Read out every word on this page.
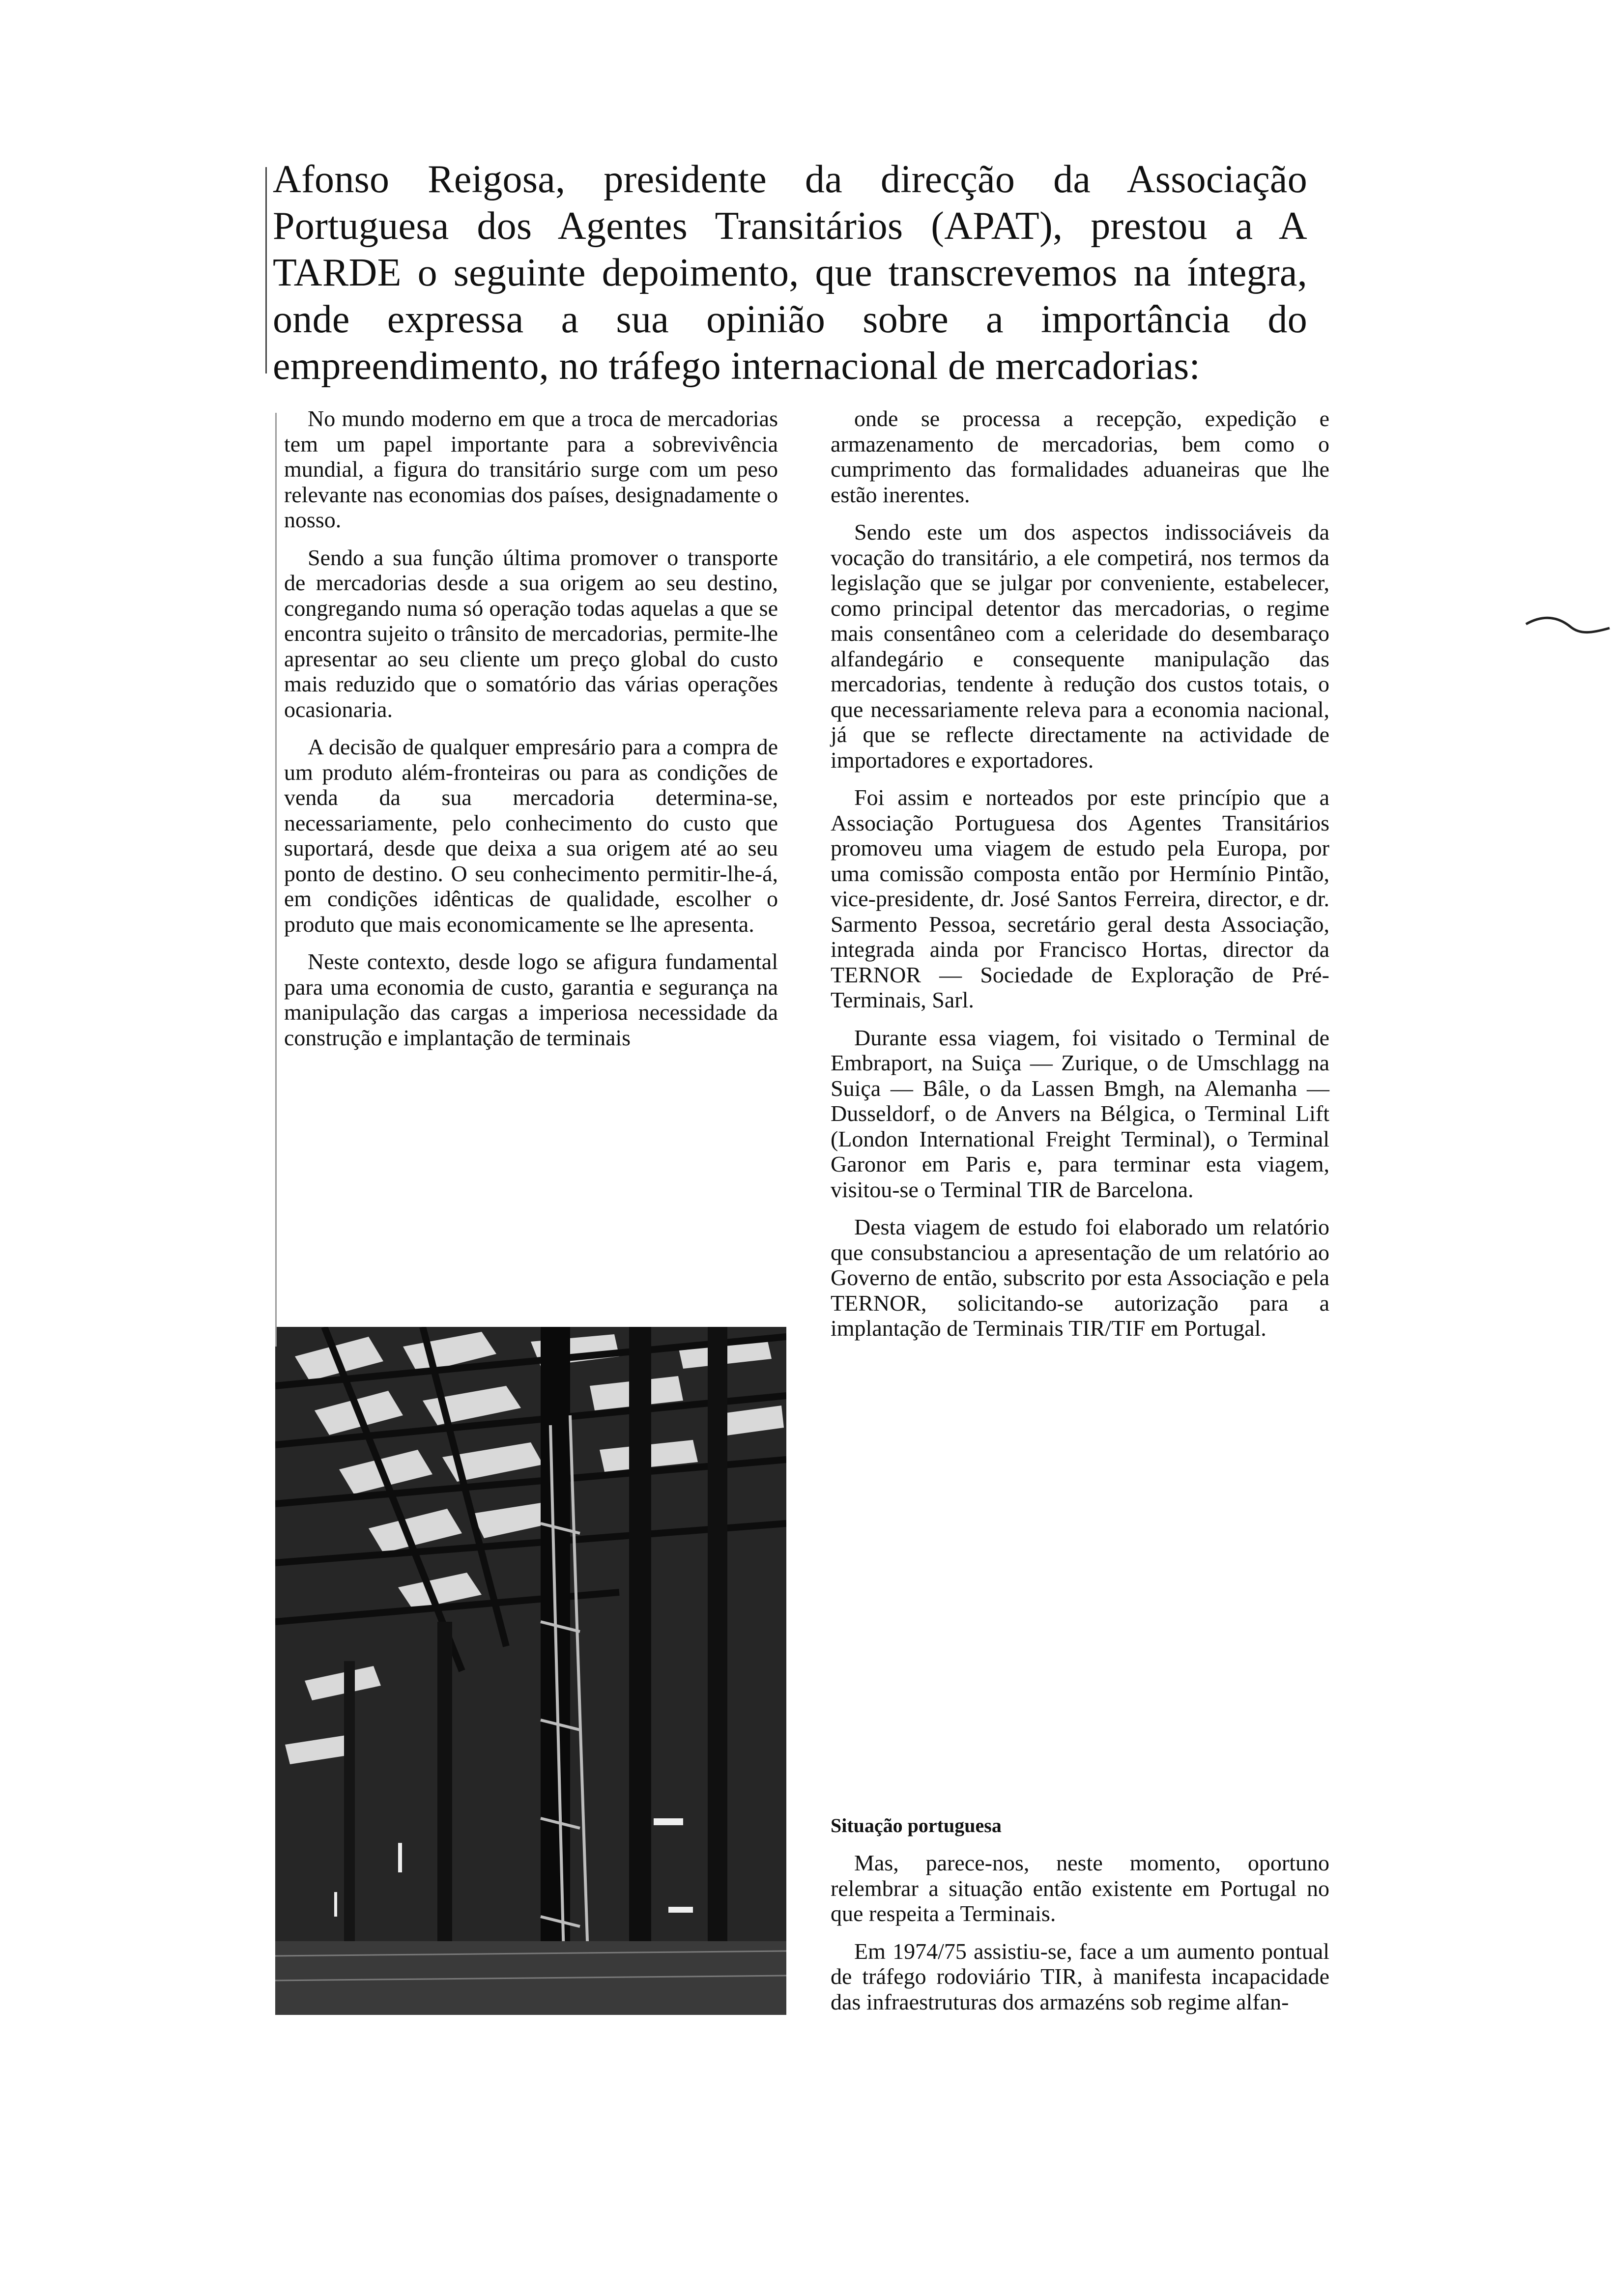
Afonso Reigosa, presidente da direcção da Associação Portuguesa dos Agentes Transitários (APAT), prestou a A TARDE o seguinte depoimento, que transcrevemos na íntegra, onde expressa a sua opinião sobre a importância do empreendimento, no tráfego internacional de mercadorias:

No mundo moderno em que a troca de mercadorias tem um papel importante para a sobrevivência mundial, a figura do transitário surge com um peso relevante nas economias dos países, designadamente o nosso.

Sendo a sua função última promover o transporte de mercadorias desde a sua origem ao seu destino, congregando numa só operação todas aquelas a que se encontra sujeito o trânsito de mercadorias, permite-lhe apresentar ao seu cliente um preço global do custo mais reduzido que o somatório das várias operações ocasionaria.

A decisão de qualquer empresário para a compra de um produto além-fronteiras ou para as condições de venda da sua mercadoria determina-se, necessariamente, pelo conhecimento do custo que suportará, desde que deixa a sua origem até ao seu ponto de destino. O seu conhecimento permitir-lhe-á, em condições idênticas de qualidade, escolher o produto que mais economicamente se lhe apresenta.

Neste contexto, desde logo se afigura fundamental para uma economia de custo, garantia e segurança na manipulação das cargas a imperiosa necessidade da construção e implantação de terminais

onde se processa a recepção, expedição e armazenamento de mercadorias, bem como o cumprimento das formalidades aduaneiras que lhe estão inerentes.

Sendo este um dos aspectos indissociáveis da vocação do transitário, a ele competirá, nos termos da legislação que se julgar por conveniente, estabelecer, como principal detentor das mercadorias, o regime mais consentâneo com a celeridade do desembaraço alfandegário e consequente manipulação das mercadorias, tendente à redução dos custos totais, o que necessariamente releva para a economia nacional, já que se reflecte directamente na actividade de importadores e exportadores.

Foi assim e norteados por este princípio que a Associação Portuguesa dos Agentes Transitários promoveu uma viagem de estudo pela Europa, por uma comissão composta então por Hermínio Pintão, vice-presidente, dr. José Santos Ferreira, director, e dr. Sarmento Pessoa, secretário geral desta Associação, integrada ainda por Francisco Hortas, director da TERNOR — Sociedade de Exploração de Pré-Terminais, Sarl.

Durante essa viagem, foi visitado o Terminal de Embraport, na Suiça — Zurique, o de Umschlagg na Suiça — Bâle, o da Lassen Bmgh, na Alemanha — Dusseldorf, o de Anvers na Bélgica, o Terminal Lift (London International Freight Terminal), o Terminal Garonor em Paris e, para terminar esta viagem, visitou-se o Terminal TIR de Barcelona.

Desta viagem de estudo foi elaborado um relatório que consubstanciou a apresentação de um relatório ao Governo de então, subscrito por esta Associação e pela TERNOR, solicitando-se autorização para a implantação de Terminais TIR/TIF em Portugal.

Situação portuguesa

Mas, parece-nos, neste momento, oportuno relembrar a situação então existente em Portugal no que respeita a Terminais.

Em 1974/75 assistiu-se, face a um aumento pontual de tráfego rodoviário TIR, à manifesta incapacidade das infraestruturas dos armazéns sob regime alfan-
